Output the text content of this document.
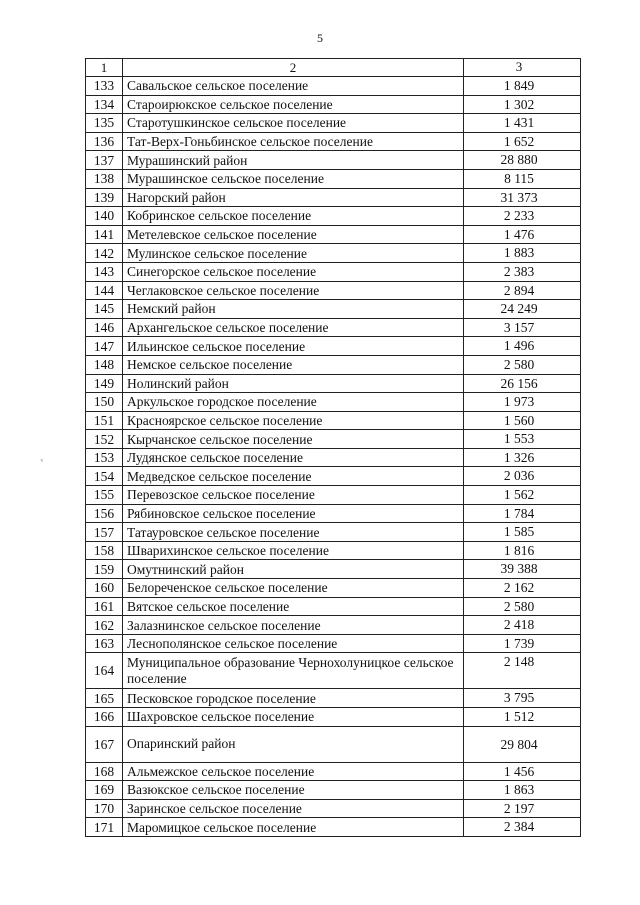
5
ᵥ
1	2	3
133	Савальское сельское поселение	1 849
134	Староирюкское сельское поселение	1 302
135	Старотушкинское сельское поселение	1 431
136	Тат-Верх-Гоньбинское сельское поселение	1 652
137	Мурашинский район	28 880
138	Мурашинское сельское поселение	8 115
139	Нагорский район	31 373
140	Кобринское сельское поселение	2 233
141	Метелевское сельское поселение	1 476
142	Мулинское сельское поселение	1 883
143	Синегорское сельское поселение	2 383
144	Чеглаковское сельское поселение	2 894
145	Немский район	24 249
146	Архангельское сельское поселение	3 157
147	Ильинское сельское поселение	1 496
148	Немское сельское поселение	2 580
149	Нолинский район	26 156
150	Аркульское городское поселение	1 973
151	Красноярское сельское поселение	1 560
152	Кырчанское сельское поселение	1 553
153	Лудянское сельское поселение	1 326
154	Медведское сельское поселение	2 036
155	Перевозское сельское поселение	1 562
156	Рябиновское сельское поселение	1 784
157	Татауровское сельское поселение	1 585
158	Шварихинское сельское поселение	1 816
159	Омутнинский район	39 388
160	Белореченское сельское поселение	2 162
161	Вятское сельское поселение	2 580
162	Залазнинское сельское поселение	2 418
163	Леснополянское сельское поселение	1 739
164	Муниципальное образование Чернохолуницкое сельское поселение	2 148
165	Песковское городское поселение	3 795
166	Шахровское сельское поселение	1 512
167	Опаринский район	29 804
168	Альмежское сельское поселение	1 456
169	Вазюкское сельское поселение	1 863
170	Заринское сельское поселение	2 197
171	Маромицкое сельское поселение	2 384
